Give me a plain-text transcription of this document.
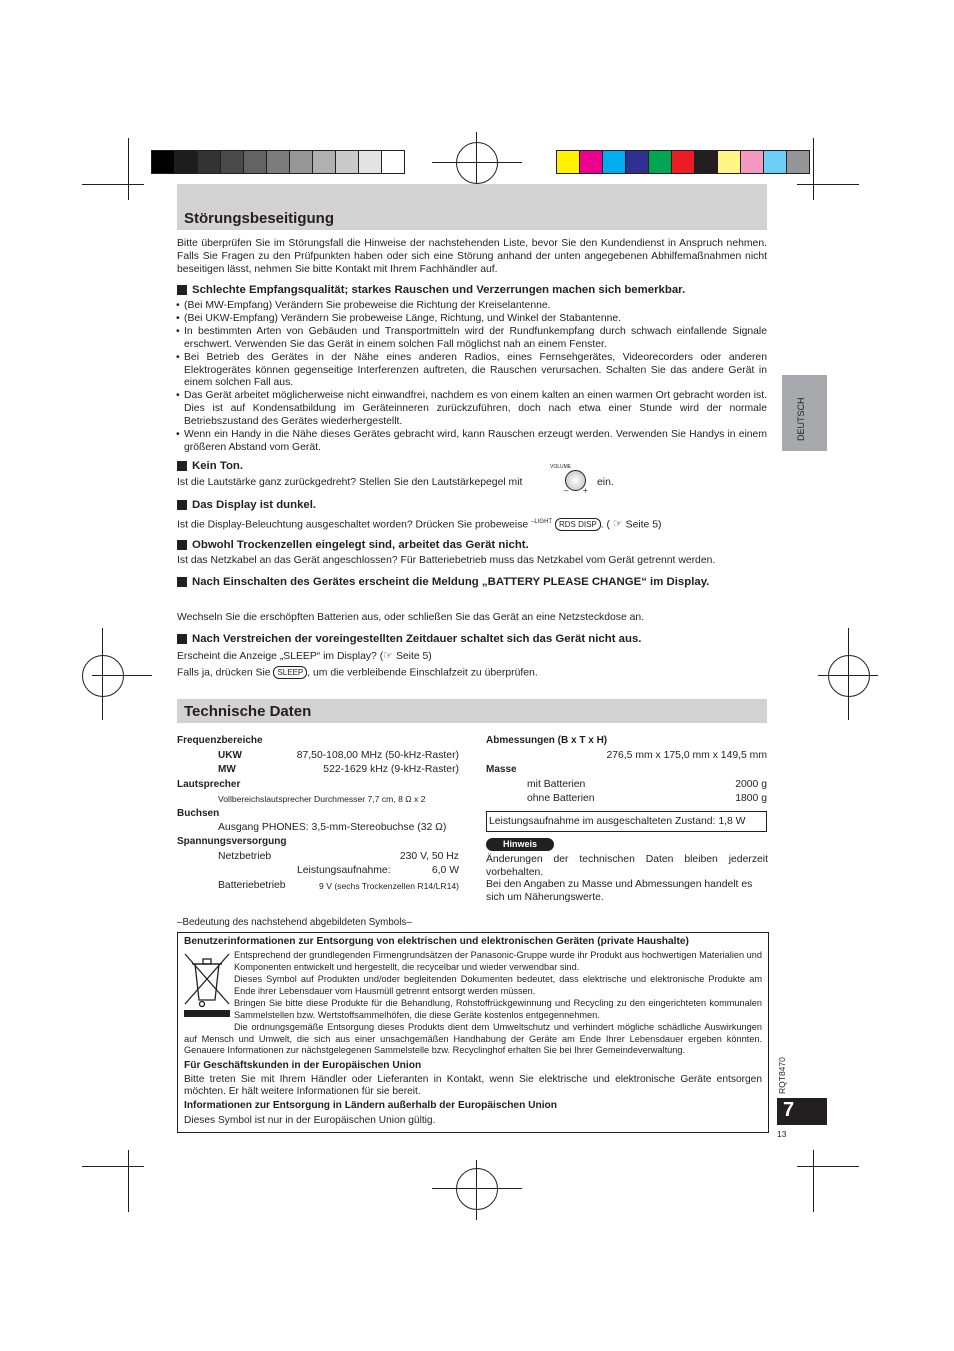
Störungsbeseitigung
Bitte überprüfen Sie im Störungsfall die Hinweise der nachstehenden Liste, bevor Sie den Kundendienst in Anspruch nehmen. Falls Sie Fragen zu den Prüfpunkten haben oder sich eine Störung anhand der unten angegebenen Abhilfemaßnahmen nicht beseitigen lässt, nehmen Sie bitte Kontakt mit Ihrem Fachhändler auf.
Schlechte Empfangsqualität; starkes Rauschen und Verzerrungen machen sich bemerkbar.
• (Bei MW-Empfang) Verändern Sie probeweise die Richtung der Kreiselantenne.
• (Bei UKW-Empfang) Verändern Sie probeweise Länge, Richtung, und Winkel der Stabantenne.
• In bestimmten Arten von Gebäuden und Transportmitteln wird der Rundfunkempfang durch schwach einfallende Signale erschwert. Verwenden Sie das Gerät in einem solchen Fall möglichst nah an einem Fenster.
• Bei Betrieb des Gerätes in der Nähe eines anderen Radios, eines Fernsehgerätes, Videorecorders oder anderen Elektrogerätes können gegenseitige Interferenzen auftreten, die Rauschen verursachen. Schalten Sie das andere Gerät in einem solchen Fall aus.
• Das Gerät arbeitet möglicherweise nicht einwandfrei, nachdem es von einem kalten an einen warmen Ort gebracht worden ist. Dies ist auf Kondensatbildung im Geräteinneren zurückzuführen, doch nach etwa einer Stunde wird der normale Betriebszustand des Gerätes wiederhergestellt.
• Wenn ein Handy in die Nähe dieses Gerätes gebracht wird, kann Rauschen erzeugt werden. Verwenden Sie Handys in einem größeren Abstand vom Gerät.
Kein Ton.
Ist die Lautstärke ganz zurückgedreht? Stellen Sie den Lautstärkepegel mit
VOLUME
– +
ein.
Das Display ist dunkel.
Ist die Display-Beleuchtung ausgeschaltet worden? Drücken Sie probeweise $^{-LIGHT}$ RDS DISP . ( ☞ Seite 5)
Obwohl Trockenzellen eingelegt sind, arbeitet das Gerät nicht.
Ist das Netzkabel an das Gerät angeschlossen? Für Batteriebetrieb muss das Netzkabel vom Gerät getrennt werden.
Nach Einschalten des Gerätes erscheint die Meldung „BATTERY PLEASE CHANGE“ im Display.
Wechseln Sie die erschöpften Batterien aus, oder schließen Sie das Gerät an eine Netzsteckdose an.
Nach Verstreichen der voreingestellten Zeitdauer schaltet sich das Gerät nicht aus.
Erscheint die Anzeige „SLEEP“ im Display? (☞ Seite 5)
Falls ja, drücken Sie SLEEP , um die verbleibende Einschlafzeit zu überprüfen.
DEUTSCH
Technische Daten
Frequenzbereiche
UKW	87,50-108,00 MHz (50-kHz-Raster)
MW	522-1629 kHz (9-kHz-Raster)
Lautsprecher
Vollbereichslautsprecher Durchmesser 7,7 cm, 8 Ω x 2
Buchsen
Ausgang PHONES: 3,5-mm-Stereobuchse (32 Ω)
Spannungsversorgung
Netzbetrieb	230 V, 50 Hz
Leistungsaufnahme:	6,0 W
Batteriebetrieb	9 V (sechs Trockenzellen R14/LR14)
Abmessungen (B x T x H)
276,5 mm x 175,0 mm x 149,5 mm
Masse
mit Batterien	2000 g
ohne Batterien	1800 g
Leistungsaufnahme im ausgeschalteten Zustand: 1,8 W
Hinweis
Änderungen der technischen Daten bleiben jederzeit vorbehalten.
Bei den Angaben zu Masse und Abmessungen handelt es sich um Näherungswerte.
–Bedeutung des nachstehend abgebildeten Symbols–
Benutzerinformationen zur Entsorgung von elektrischen und elektronischen Geräten (private Haushalte)
Entsprechend der grundlegenden Firmengrundsätzen der Panasonic-Gruppe wurde ihr Produkt aus hochwertigen Materialien und Komponenten entwickelt und hergestellt, die recycelbar und wieder verwendbar sind.
Dieses Symbol auf Produkten und/oder begleitenden Dokumenten bedeutet, dass elektrische und elektronische Produkte am Ende ihrer Lebensdauer vom Hausmüll getrennt entsorgt werden müssen.
Bringen Sie bitte diese Produkte für die Behandlung, Rohstoffrückgewinnung und Recycling zu den eingerichteten kommunalen Sammelstellen bzw. Wertstoffsammelhöfen, die diese Geräte kostenlos entgegennehmen.
Die ordnungsgemäße Entsorgung dieses Produkts dient dem Umweltschutz und verhindert mögliche schädliche Auswirkungen auf Mensch und Umwelt, die sich aus einer unsachgemäßen Handhabung der Geräte am Ende Ihrer Lebensdauer ergeben könnten. Genauere Informationen zur nächstgelegenen Sammelstelle bzw. Recyclinghof erhalten Sie bei Ihrer Gemeindeverwaltung.
Für Geschäftskunden in der Europäischen Union
Bitte treten Sie mit Ihrem Händler oder Lieferanten in Kontakt, wenn Sie elektrische und elektronische Geräte entsorgen möchten. Er hält weitere Informationen für sie bereit.
Informationen zur Entsorgung in Ländern außerhalb der Europäischen Union
Dieses Symbol ist nur in der Europäischen Union gültig.
RQT8470
7
13
